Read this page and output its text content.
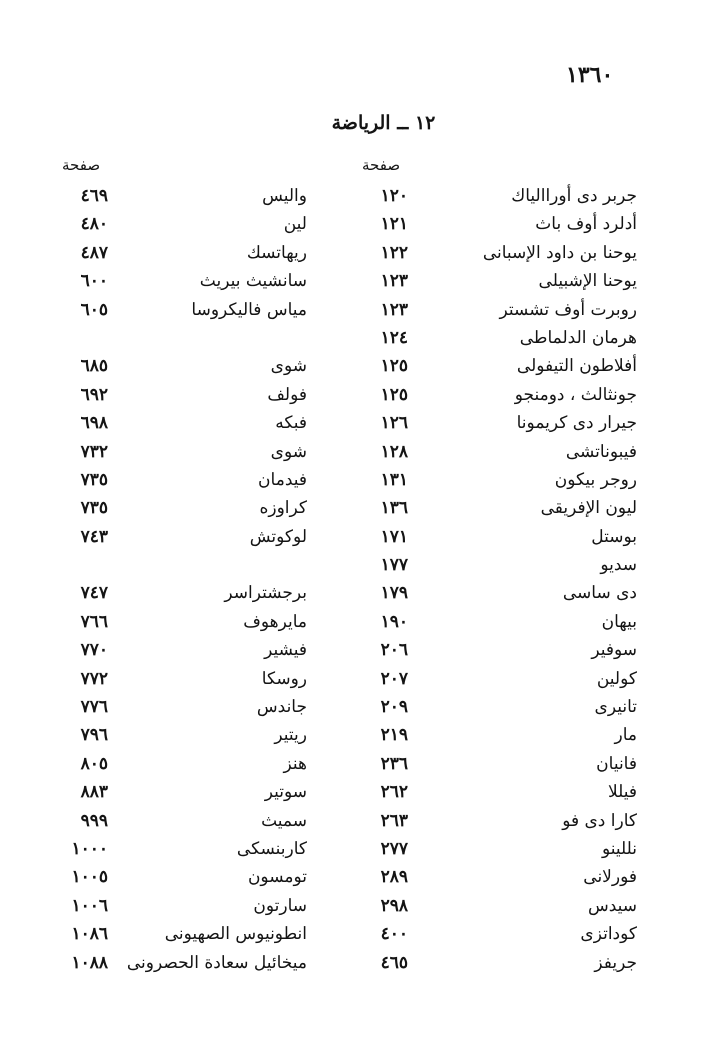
١٣٦٠
١٢ ــ الرياضة
صفحة
صفحة
جربر دى أوراالياك
١٢٠
واليس
٤٦٩
أدلرد أوف باث
١٢١
لين
٤٨٠
يوحنا بن داود الإسبانى
١٢٢
ريهاتسك
٤٨٧
يوحنا الإشبيلى
١٢٣
سانشيث بيريث
٦٠٠
روبرت أوف تشستر
١٢٣
مياس فاليكروسا
٦٠٥
هرمان الدلماطى
١٢٤
أفلاطون التيفولى
١٢٥
شوى
٦٨٥
جونثالث ، دومنجو
١٢٥
فولف
٦٩٢
جيرار دى كريمونا
١٢٦
فبكه
٦٩٨
فيبوناتشى
١٢٨
شوى
٧٣٢
روجر بيكون
١٣١
فيدمان
٧٣٥
ليون الإفريقى
١٣٦
كراوزه
٧٣٥
بوستل
١٧١
لوكوتش
٧٤٣
سديو
١٧٧
دى ساسى
١٧٩
برجشتراسر
٧٤٧
بيهان
١٩٠
مايرهوف
٧٦٦
سوفير
٢٠٦
فيشير
٧٧٠
كولين
٢٠٧
روسكا
٧٧٢
تانيرى
٢٠٩
جاندس
٧٧٦
مار
٢١٩
ريتير
٧٩٦
فانيان
٢٣٦
هنز
٨٠٥
فيللا
٢٦٢
سوتير
٨٨٣
كارا دى فو
٢٦٣
سميث
٩٩٩
نللينو
٢٧٧
كاربنسكى
١٠٠٠
فورلانى
٢٨٩
تومسون
١٠٠٥
سيدس
٢٩٨
سارتون
١٠٠٦
كوداتزى
٤٠٠
انطونيوس الصهيونى
١٠٨٦
جريفز
٤٦٥
ميخائيل سعادة الحصرونى
١٠٨٨
